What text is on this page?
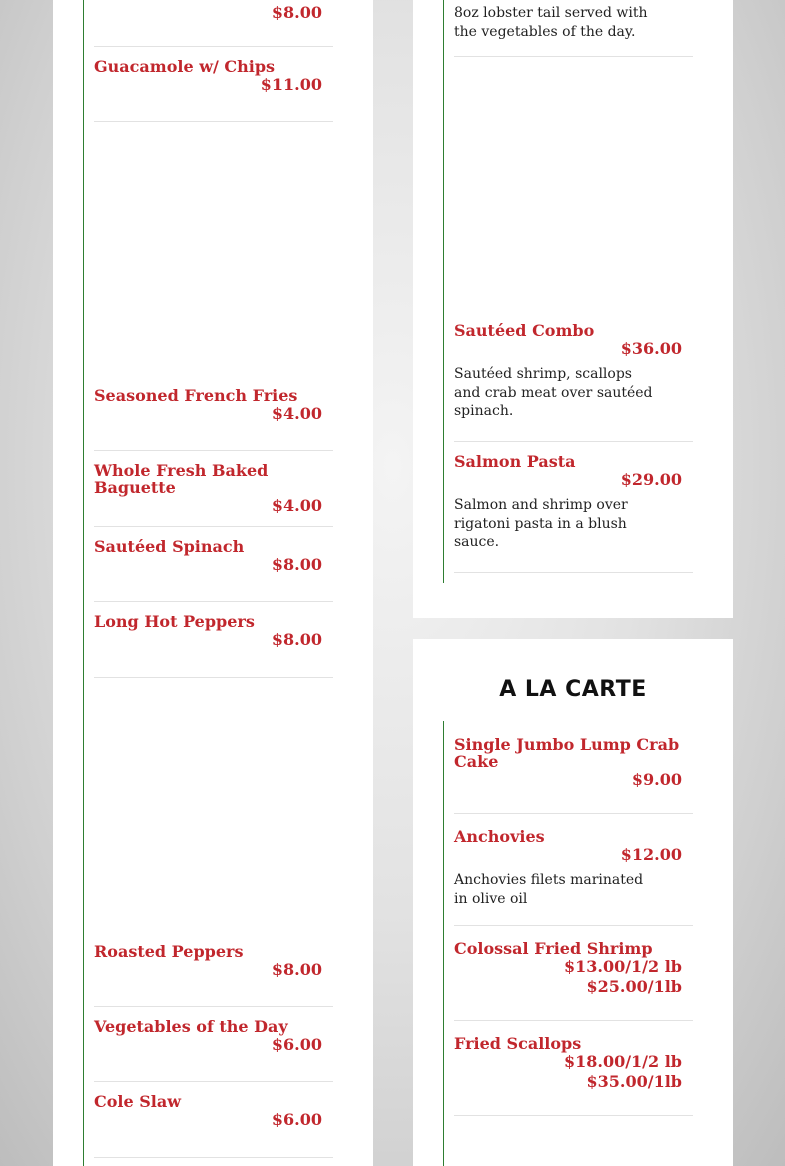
$8.00
Guacamole w/ Chips
$11.00
Seasoned French Fries
$4.00
Whole Fresh Baked Baguette
$4.00
Sautéed Spinach
$8.00
Long Hot Peppers
$8.00
Roasted Peppers
$8.00
Vegetables of the Day
$6.00
Cole Slaw
$6.00
8oz lobster tail served with the vegetables of the day.
Sautéed Combo
$36.00
Sautéed shrimp, scallops and crab meat over sautéed spinach.
Salmon Pasta
$29.00
Salmon and shrimp over rigatoni pasta in a blush sauce.
A LA CARTE
Single Jumbo Lump Crab Cake
$9.00
Anchovies
$12.00
Anchovies filets marinated in olive oil
Colossal Fried Shrimp
$13.00/1/2 lb
$25.00/1lb
Fried Scallops
$18.00/1/2 lb
$35.00/1lb
